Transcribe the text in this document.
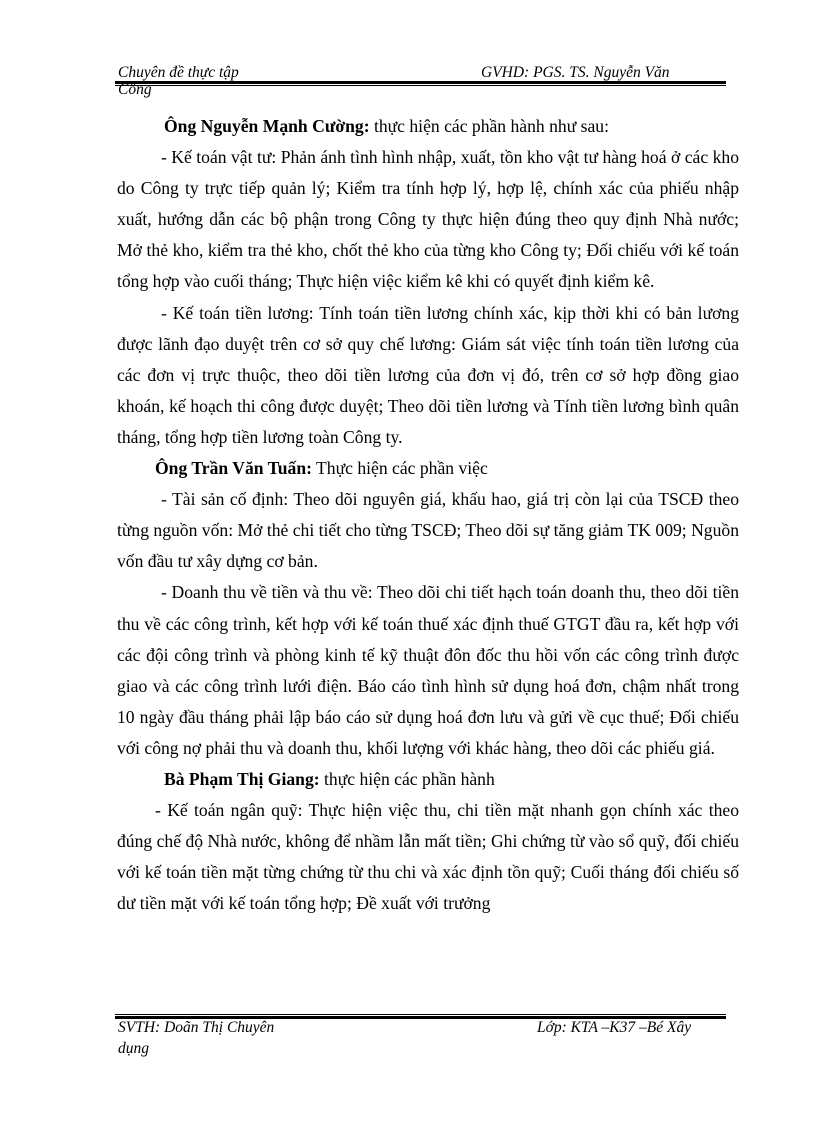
Chuyên đề thực tập	GVHD: PGS. TS. Nguyễn Văn
Công

Ông Nguyễn Mạnh Cường: thực hiện các phần hành như sau:

- Kế toán vật tư: Phản ánh tình hình nhập, xuất, tồn kho vật tư hàng hoá ở các kho do Công ty trực tiếp quản lý; Kiểm tra tính hợp lý, hợp lệ, chính xác của phiếu nhập xuất, hướng dẫn các bộ phận trong Công ty thực hiện đúng theo quy định Nhà nước; Mở thẻ kho, kiểm tra thẻ kho, chốt thẻ kho của từng kho Công ty; Đối chiếu với kế toán tổng hợp vào cuối tháng; Thực hiện việc kiểm kê khi có quyết định kiểm kê.

- Kế toán tiền lương: Tính toán tiền lương chính xác, kịp thời khi có bản lương được lãnh đạo duyệt trên cơ sở quy chế lương: Giám sát việc tính toán tiền lương của các đơn vị trực thuộc, theo dõi tiền lương của đơn vị đó, trên cơ sở hợp đồng giao khoán, kế hoạch thi công được duyệt; Theo dõi tiền lương và Tính tiền lương bình quân tháng, tổng hợp tiền lương toàn Công ty.

Ông Trần Văn Tuấn: Thực hiện các phần việc

- Tài sản cố định: Theo dõi nguyên giá, khấu hao, giá trị còn lại của TSCĐ theo từng nguồn vốn: Mở thẻ chi tiết cho từng TSCĐ; Theo dõi sự tăng giảm TK 009; Nguồn vốn đầu tư xây dựng cơ bản.

- Doanh thu về tiền và thu về: Theo dõi chi tiết hạch toán doanh thu, theo dõi tiền thu về các công trình, kết hợp với kế toán thuế xác định thuế GTGT đầu ra, kết hợp với các đội công trình và phòng kinh tế kỹ thuật đôn đốc thu hồi vốn các công trình được giao và các công trình lưới điện. Báo cáo tình hình sử dụng hoá đơn, chậm nhất trong 10 ngày đầu tháng phải lập báo cáo sử dụng hoá đơn lưu và gửi về cục thuế; Đối chiếu với công nợ phải thu và doanh thu, khối lượng với khác hàng, theo dõi các phiếu giá.

Bà Phạm Thị Giang: thực hiện các phần hành

- Kế toán ngân quỹ: Thực hiện việc thu, chi tiền mặt nhanh gọn chính xác theo đúng chế độ Nhà nước, không để nhầm lẫn mất tiền; Ghi chứng từ vào sổ quỹ, đối chiếu với kế toán tiền mặt từng chứng từ thu chi và xác định tồn quỹ; Cuối tháng đối chiếu số dư tiền mặt với kế toán tổng hợp; Đề xuất với trưởng

SVTH: Doãn Thị Chuyên	Lớp: KTA –K37 –Bé Xây
dụng
